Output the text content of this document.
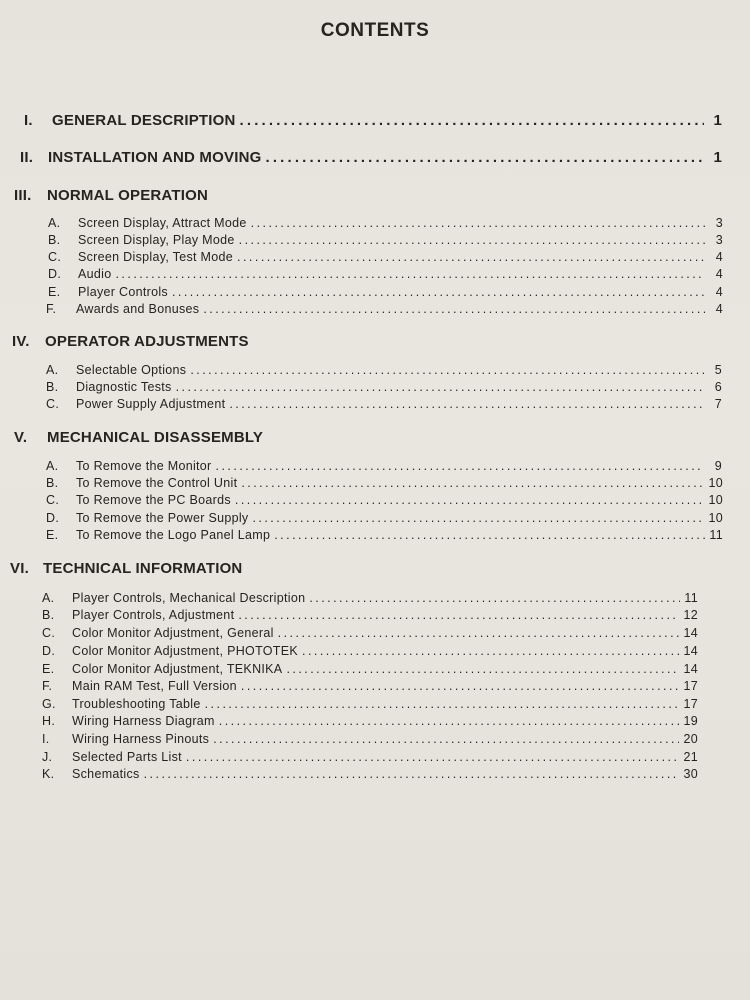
CONTENTS
I. GENERAL DESCRIPTION . . .	1
II. INSTALLATION AND MOVING . . .	1
III. NORMAL OPERATION
A. Screen Display, Attract Mode . . .	3
B. Screen Display, Play Mode . . .	3
C. Screen Display, Test Mode . . .	4
D. Audio . . .	4
E. Player Controls . . .	4
F. Awards and Bonuses . . .	4
IV. OPERATOR ADJUSTMENTS
A. Selectable Options . . .	5
B. Diagnostic Tests . . .	6
C. Power Supply Adjustment . . .	7
V. MECHANICAL DISASSEMBLY
A. To Remove the Monitor . . .	9
B. To Remove the Control Unit . . .	10
C. To Remove the PC Boards . . .	10
D. To Remove the Power Supply . . .	10
E. To Remove the Logo Panel Lamp . . .	11
VI. TECHNICAL INFORMATION
A. Player Controls, Mechanical Description . . .	11
B. Player Controls, Adjustment . . .	12
C. Color Monitor Adjustment, General . . .	14
D. Color Monitor Adjustment, PHOTOTEK . . .	14
E. Color Monitor Adjustment, TEKNIKA . . .	14
F. Main RAM Test, Full Version . . .	17
G. Troubleshooting Table . . .	17
H. Wiring Harness Diagram . . .	19
I. Wiring Harness Pinouts . . .	20
J. Selected Parts List . . .	21
K. Schematics . . .	30
